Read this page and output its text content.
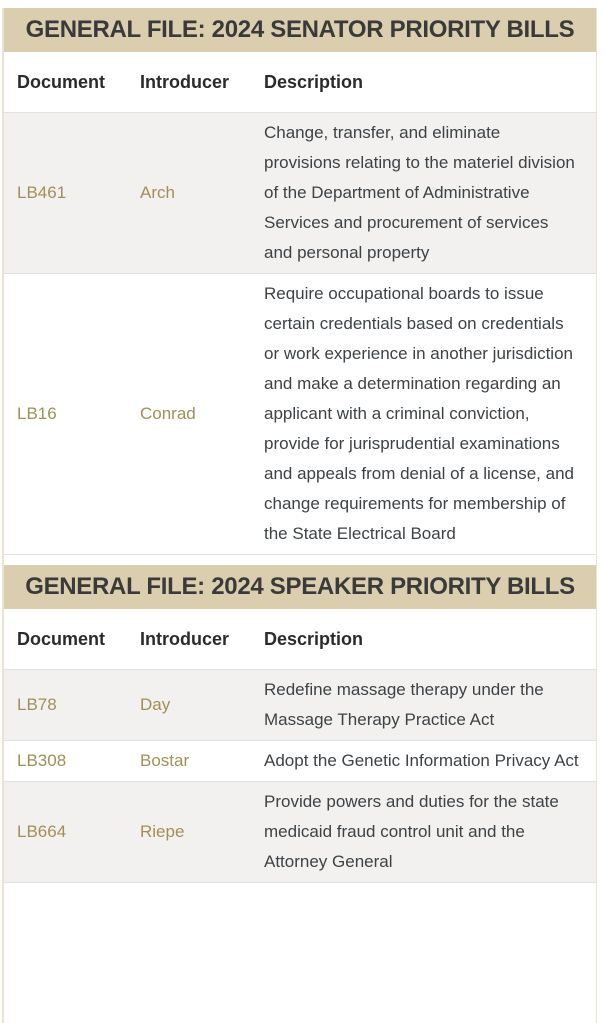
GENERAL FILE: 2024 SENATOR PRIORITY BILLS
Document	Introducer	Description
LB461	Arch	Change, transfer, and eliminate provisions relating to the materiel division of the Department of Administrative Services and procurement of services and personal property
LB16	Conrad	Require occupational boards to issue certain credentials based on credentials or work experience in another jurisdiction and make a determination regarding an applicant with a criminal conviction, provide for jurisprudential examinations and appeals from denial of a license, and change requirements for membership of the State Electrical Board
GENERAL FILE: 2024 SPEAKER PRIORITY BILLS
Document	Introducer	Description
LB78	Day	Redefine massage therapy under the Massage Therapy Practice Act
LB308	Bostar	Adopt the Genetic Information Privacy Act
LB664	Riepe	Provide powers and duties for the state medicaid fraud control unit and the Attorney General
